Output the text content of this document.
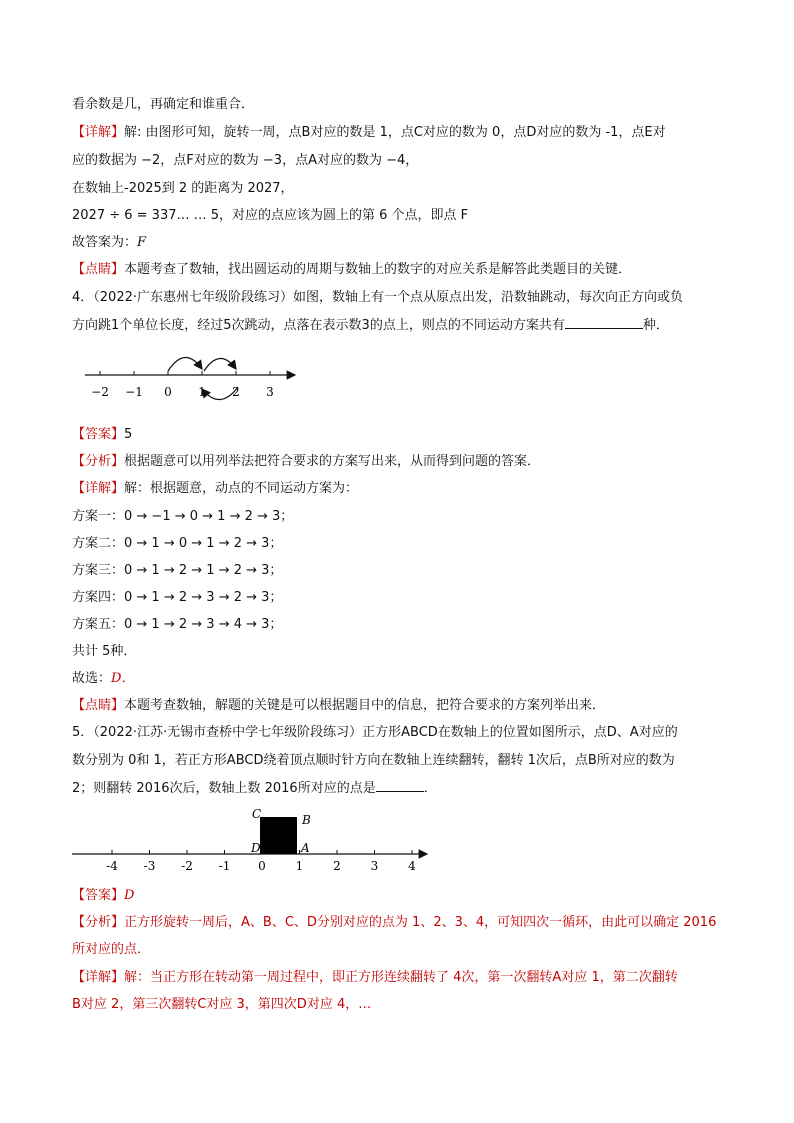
看余数是几，再确定和谁重合．
【详解】解: 由图形可知，旋转一周，点B对应的数是 1，点C对应的数为 0，点D对应的数为 -1，点E对
应的数据为 −2，点F对应的数为 −3，点A对应的数为 −4，
在数轴上-2025到 2 的距离为 2027，
2027 ÷ 6 = 337… … 5，对应的点应该为圆上的第 6 个点，即点 F
故答案为：F
【点睛】本题考查了数轴，找出圆运动的周期与数轴上的数字的对应关系是解答此类题目的关键．
4．（2022·广东惠州七年级阶段练习）如图，数轴上有一个点从原点出发，沿数轴跳动，每次向正方向或负
方向跳1个单位长度，经过5次跳动，点落在表示数3的点上，则点的不同运动方案共有	种．
−2 −1 0 1 2 3
【答案】5
【分析】根据题意可以用列举法把符合要求的方案写出来，从而得到问题的答案．
【详解】解：根据题意，动点的不同运动方案为：
方案一：0 → −1 → 0 → 1 → 2 → 3；
方案二：0 → 1 → 0 → 1 → 2 → 3；
方案三：0 → 1 → 2 → 1 → 2 → 3；
方案四：0 → 1 → 2 → 3 → 2 → 3；
方案五：0 → 1 → 2 → 3 → 4 → 3；
共计 5种．
故选：D．
【点睛】本题考查数轴，解题的关键是可以根据题目中的信息，把符合要求的方案列举出来．
5．（2022·江苏·无锡市查桥中学七年级阶段练习）正方形ABCD在数轴上的位置如图所示，点D、A对应的
数分别为 0和 1，若正方形ABCD绕着顶点顺时针方向在数轴上连续翻转，翻转 1次后，点B所对应的数为
2；则翻转 2016次后，数轴上数 2016所对应的点是	．
-4 -3 -2 -1 0 1 2 3 4
C	B
D	A
【答案】D
【分析】正方形旋转一周后，A、B、C、D分别对应的点为 1、2、3、4，可知四次一循环，由此可以确定 2016
所对应的点．
【详解】解：当正方形在转动第一周过程中，即正方形连续翻转了 4次，第一次翻转A对应 1，第二次翻转
B对应 2，第三次翻转C对应 3，第四次D对应 4，…
